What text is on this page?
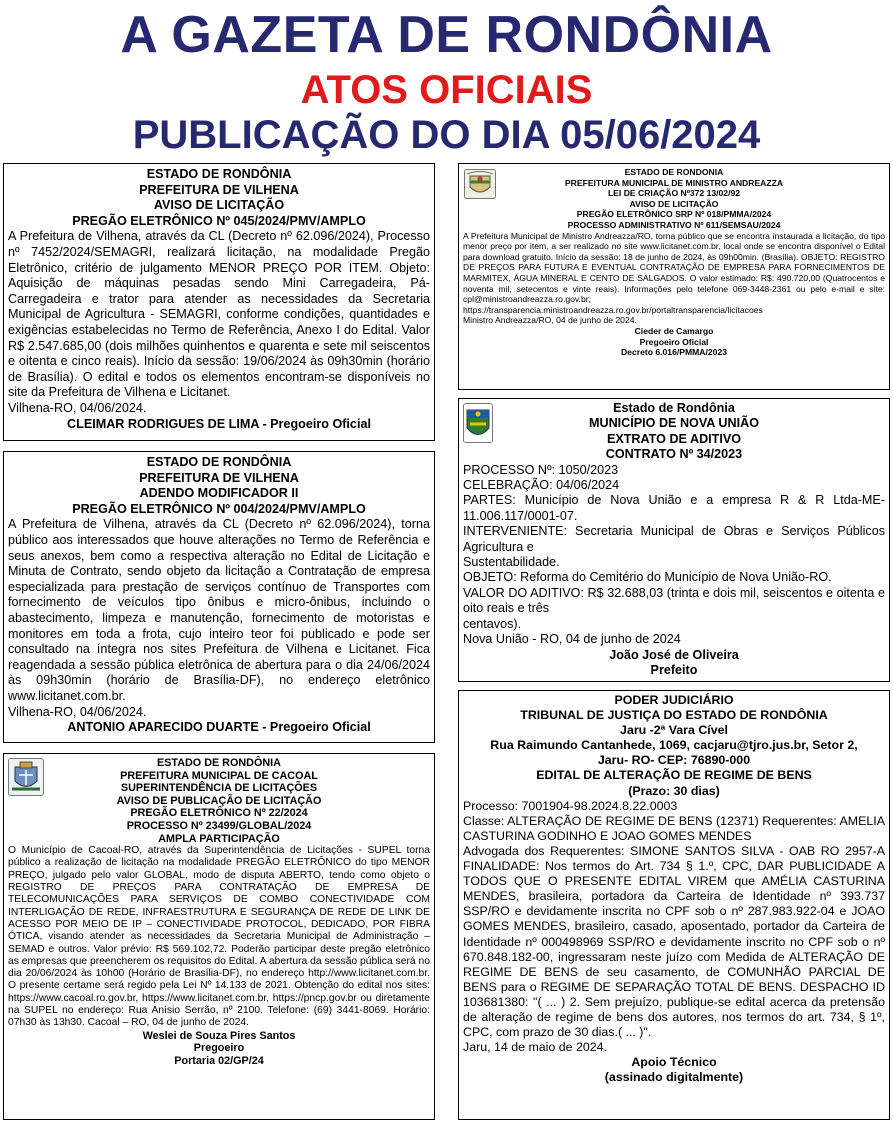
A GAZETA DE RONDÔNIA
ATOS OFICIAIS
PUBLICAÇÃO DO DIA 05/06/2024

ESTADO DE RONDÔNIA

PREFEITURA DE VILHENA

AVISO DE LICITAÇÃO

PREGÃO ELETRÔNICO Nº 045/2024/PMV/AMPLO

A Prefeitura de Vilhena, através da CL (Decreto nº 62.096/2024), Processo nº 7452/2024/SEMAGRI, realizará licitação, na modalidade Pregão Eletrônico, critério de julgamento MENOR PREÇO POR ITEM. Objeto: Aquisição de máquinas pesadas sendo Mini Carregadeira, Pá-Carregadeira e trator para atender as necessidades da Secretaria Municipal de Agricultura - SEMAGRI, conforme condições, quantidades e exigências estabelecidas no Termo de Referência, Anexo I do Edital. Valor R$ 2.547.685,00 (dois milhões quinhentos e quarenta e sete mil seiscentos e oitenta e cinco reais). Início da sessão: 19/06/2024 às 09h30min (horário de Brasília). O edital e todos os elementos encontram-se disponíveis no site da Prefeitura de Vilhena e Licitanet.

Vilhena-RO, 04/06/2024.

CLEIMAR RODRIGUES DE LIMA - Pregoeiro Oficial

ESTADO DE RONDÔNIA

PREFEITURA DE VILHENA

ADENDO MODIFICADOR II

PREGÃO ELETRÔNICO Nº 004/2024/PMV/AMPLO

A Prefeitura de Vilhena, através da CL (Decreto nº 62.096/2024), torna público aos interessados que houve alterações no Termo de Referência e seus anexos, bem como a respectiva alteração no Edital de Licitação e Minuta de Contrato, sendo objeto da licitação a Contratação de empresa especializada para prestação de serviços contínuo de Transportes com fornecimento de veículos tipo ônibus e micro-ônibus, incluindo o abastecimento, limpeza e manutenção, fornecimento de motoristas e monitores em toda a frota, cujo inteiro teor foi publicado e pode ser consultado na íntegra nos sites Prefeitura de Vilhena e Licitanet. Fica reagendada a sessão pública eletrônica de abertura para o dia 24/06/2024 às 09h30min (horário de Brasília-DF), no endereço eletrônico www.licitanet.com.br.

Vilhena-RO, 04/06/2024.

ANTONIO APARECIDO DUARTE - Pregoeiro Oficial

ESTADO DE RONDÔNIA

PREFEITURA MUNICIPAL DE CACOAL

SUPERINTENDÊNCIA DE LICITAÇÕES

AVISO DE PUBLICAÇÃO DE LICITAÇÃO

PREGÃO ELETRÔNICO Nº 22/2024

PROCESSO Nº 23499/GLOBAL/2024

AMPLA PARTICIPAÇÃO

O Município de Cacoal-RO, através da Superintendência de Licitações - SUPEL torna público a realização de licitação na modalidade PREGÃO ELETRÔNICO do tipo MENOR PREÇO, julgado pelo valor GLOBAL, modo de disputa ABERTO, tendo como objeto o REGISTRO DE PREÇOS PARA CONTRATAÇÃO DE EMPRESA DE TELECOMUNICAÇÕES PARA SERVIÇOS DE COMBO CONECTIVIDADE COM INTERLIGAÇÃO DE REDE, INFRAESTRUTURA E SEGURANÇA DE REDE DE LINK DE ACESSO POR MEIO DE IP – CONECTIVIDADE PROTOCOL, DEDICADO, POR FIBRA ÓTICA, visando atender as necessidades da Secretaria Municipal de Administração – SEMAD e outros. Valor prévio: R$ 569.102,72. Poderão participar deste pregão eletrônico as empresas que preencherem os requisitos do Edital. A abertura da sessão pública será no dia 20/06/2024 às 10h00 (Horário de Brasília-DF), no endereço http://www.licitanet.com.br. O presente certame será regido pela Lei Nº 14.133 de 2021. Obtenção do edital nos sites: https://www.cacoal.ro.gov.br, https://www.licitanet.com.br, https://pncp.gov.br ou diretamente na SUPEL no endereço: Rua Anísio Serrão, nº 2100. Telefone: (69) 3441-8069. Horário: 07h30 às 13h30. Cacoal – RO, 04 de junho de 2024.

Weslei de Souza Pires Santos

Pregoeiro

Portaria 02/GP/24

ESTADO DE RONDONIA

PREFEITURA MUNICIPAL DE MINISTRO ANDREAZZA

LEI DE CRIAÇÃO Nº372 13/02/92

AVISO DE LICITAÇÃO

PREGÃO ELETRÔNICO SRP Nº 018/PMMA/2024

PROCESSO ADMINISTRATIVO Nº 611/SEMSAU/2024

A Prefeitura Municipal de Ministro Andreazza/RO, torna público que se encontra instaurada a licitação, do tipo menor preço por item, a ser realizado no site www.licitanet.com.br, local onde se encontra disponível o Edital para download gratuito. Início da sessão: 18 de junho de 2024, às 09h00min. (Brasília). OBJETO: REGISTRO DE PREÇOS PARA FUTURA E EVENTUAL CONTRATAÇÃO DE EMPRESA PARA FORNECIMENTOS DE MARMITEX, ÁGUA MINERAL E CENTO DE SALGADOS. O valor estimado: R$: 490.720,00 (Quatrocentos e noventa mil, setecentos e vinte reais). Informações pelo telefone 069-3448-2361 ou pelo e-mail e site: cpl@ministroandreazza.ro.gov.br; https://transparencia.ministroandreazza.ro.gov.br/portaltransparencia/licitacoes

Ministro Andreazza/RO, 04 de junho de 2024.

Cieder de Camargo

Pregoeiro Oficial

Decreto 6.016/PMMA/2023

Estado de Rondônia

MUNICÍPIO DE NOVA UNIÃO

EXTRATO DE ADITIVO

CONTRATO Nº 34/2023

PROCESSO Nº: 1050/2023

CELEBRAÇÃO: 04/06/2024

PARTES: Município de Nova União e a empresa R & R Ltda-ME-11.006.117/0001-07.

INTERVENIENTE: Secretaria Municipal de Obras e Serviços Públicos Agricultura e

Sustentabilidade.

OBJETO: Reforma do Cemitério do Município de Nova União-RO.

VALOR DO ADITIVO: R$ 32.688,03 (trinta e dois mil, seiscentos e oitenta e oito reais e três

centavos).

Nova União - RO, 04 de junho de 2024

João José de Oliveira

Prefeito

PODER JUDICIÁRIO

TRIBUNAL DE JUSTIÇA DO ESTADO DE RONDÔNIA

Jaru -2ª Vara Cível

Rua Raimundo Cantanhede, 1069, cacjaru@tjro.jus.br, Setor 2,

Jaru- RO- CEP: 76890-000

EDITAL DE ALTERAÇÃO DE REGIME DE BENS

(Prazo: 30 dias)

Processo: 7001904-98.2024.8.22.0003

Classe: ALTERAÇÃO DE REGIME DE BENS (12371) Requerentes: AMELIA CASTURINA GODINHO E JOAO GOMES MENDES

Advogada dos Requerentes: SIMONE SANTOS SILVA - OAB RO 2957-A FINALIDADE: Nos termos do Art. 734 § 1.º, CPC, DAR PUBLICIDADE A TODOS QUE O PRESENTE EDITAL VIREM que AMÉLIA CASTURINA MENDES, brasileira, portadora da Carteira de Identidade nº 393.737 SSP/RO e devidamente inscrita no CPF sob o nº 287.983.922-04 e JOAO GOMES MENDES, brasileiro, casado, aposentado, portador da Carteira de Identidade nº 000498969 SSP/RO e devidamente inscrito no CPF sob o nº 670.848.182-00, ingressaram neste juízo com Medida de ALTERAÇÃO DE REGIME DE BENS de seu casamento, de COMUNHÃO PARCIAL DE BENS para o REGIME DE SEPARAÇÃO TOTAL DE BENS. DESPACHO ID 103681380: "( ... ) 2. Sem prejuízo, publique-se edital acerca da pretensão de alteração de regime de bens dos autores, nos termos do art. 734, § 1º, CPC, com prazo de 30 dias.( ... )".

Jaru, 14 de maio de 2024.

Apoio Técnico

(assinado digitalmente)
